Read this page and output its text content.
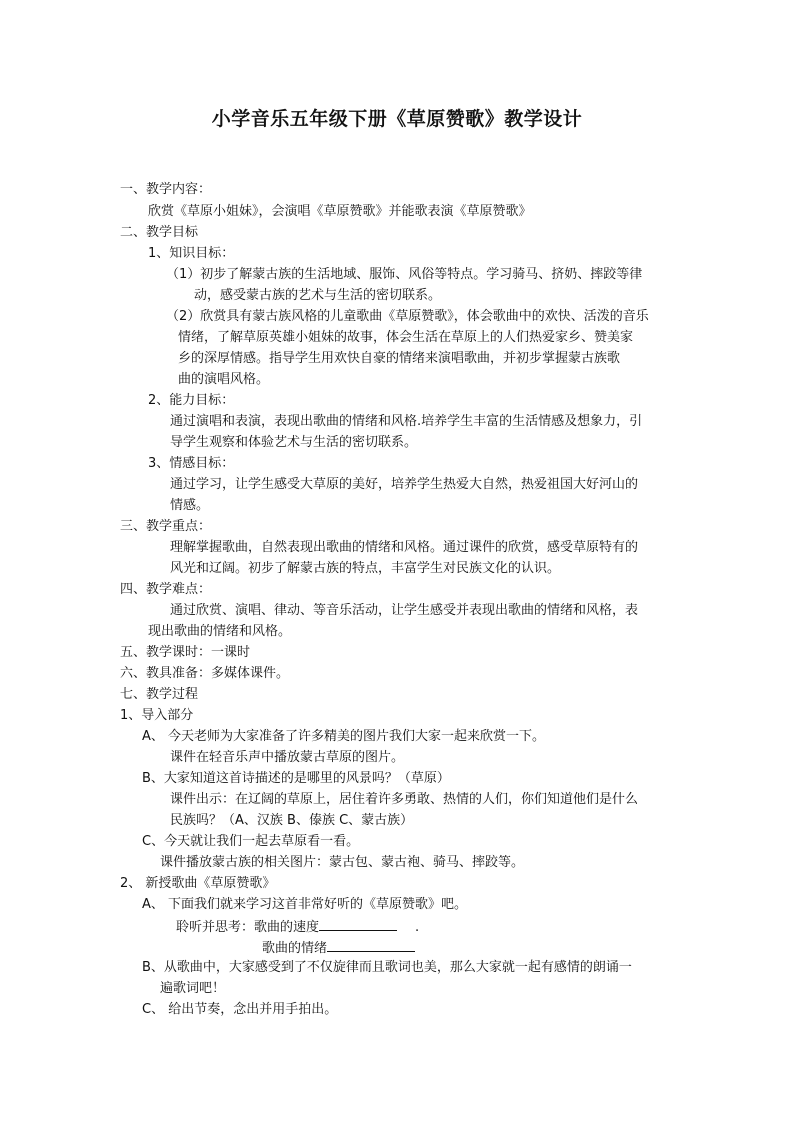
小学音乐五年级下册《草原赞歌》教学设计
一、教学内容：
欣赏《草原小姐妹》，会演唱《草原赞歌》并能歌表演《草原赞歌》
二、教学目标
1、知识目标：
（1）初步了解蒙古族的生活地域、服饰、风俗等特点。学习骑马、挤奶、摔跤等律
动，感受蒙古族的艺术与生活的密切联系。
（2）欣赏具有蒙古族风格的儿童歌曲《草原赞歌》，体会歌曲中的欢快、活泼的音乐
情绪，了解草原英雄小姐妹的故事，体会生活在草原上的人们热爱家乡、赞美家
乡的深厚情感。指导学生用欢快自豪的情绪来演唱歌曲，并初步掌握蒙古族歌
曲的演唱风格。
2、能力目标：
通过演唱和表演，表现出歌曲的情绪和风格.培养学生丰富的生活情感及想象力，引
导学生观察和体验艺术与生活的密切联系。
3、情感目标：
通过学习，让学生感受大草原的美好，培养学生热爱大自然，热爱祖国大好河山的
情感。
三、教学重点：
理解掌握歌曲，自然表现出歌曲的情绪和风格。通过课件的欣赏，感受草原特有的
风光和辽阔。初步了解蒙古族的特点，丰富学生对民族文化的认识。
四、教学难点：
通过欣赏、演唱、律动、等音乐活动，让学生感受并表现出歌曲的情绪和风格，表
现出歌曲的情绪和风格。
五、教学课时：一课时
六、教具准备：多媒体课件。
七、教学过程
1、导入部分
A、 今天老师为大家准备了许多精美的图片我们大家一起来欣赏一下。
课件在轻音乐声中播放蒙古草原的图片。
B、大家知道这首诗描述的是哪里的风景吗？（草原）
课件出示：在辽阔的草原上，居住着许多勇敢、热情的人们，你们知道他们是什么
民族吗？（A、汉族 B、傣族 C、蒙古族）
C、今天就让我们一起去草原看一看。
课件播放蒙古族的相关图片：蒙古包、蒙古袍、骑马、摔跤等。
2、 新授歌曲《草原赞歌》
A、 下面我们就来学习这首非常好听的《草原赞歌》吧。
聆听并思考：歌曲的速度	.
歌曲的情绪
B、从歌曲中，大家感受到了不仅旋律而且歌词也美，那么大家就一起有感情的朗诵一
遍歌词吧！
C、 给出节奏，念出并用手拍出。
